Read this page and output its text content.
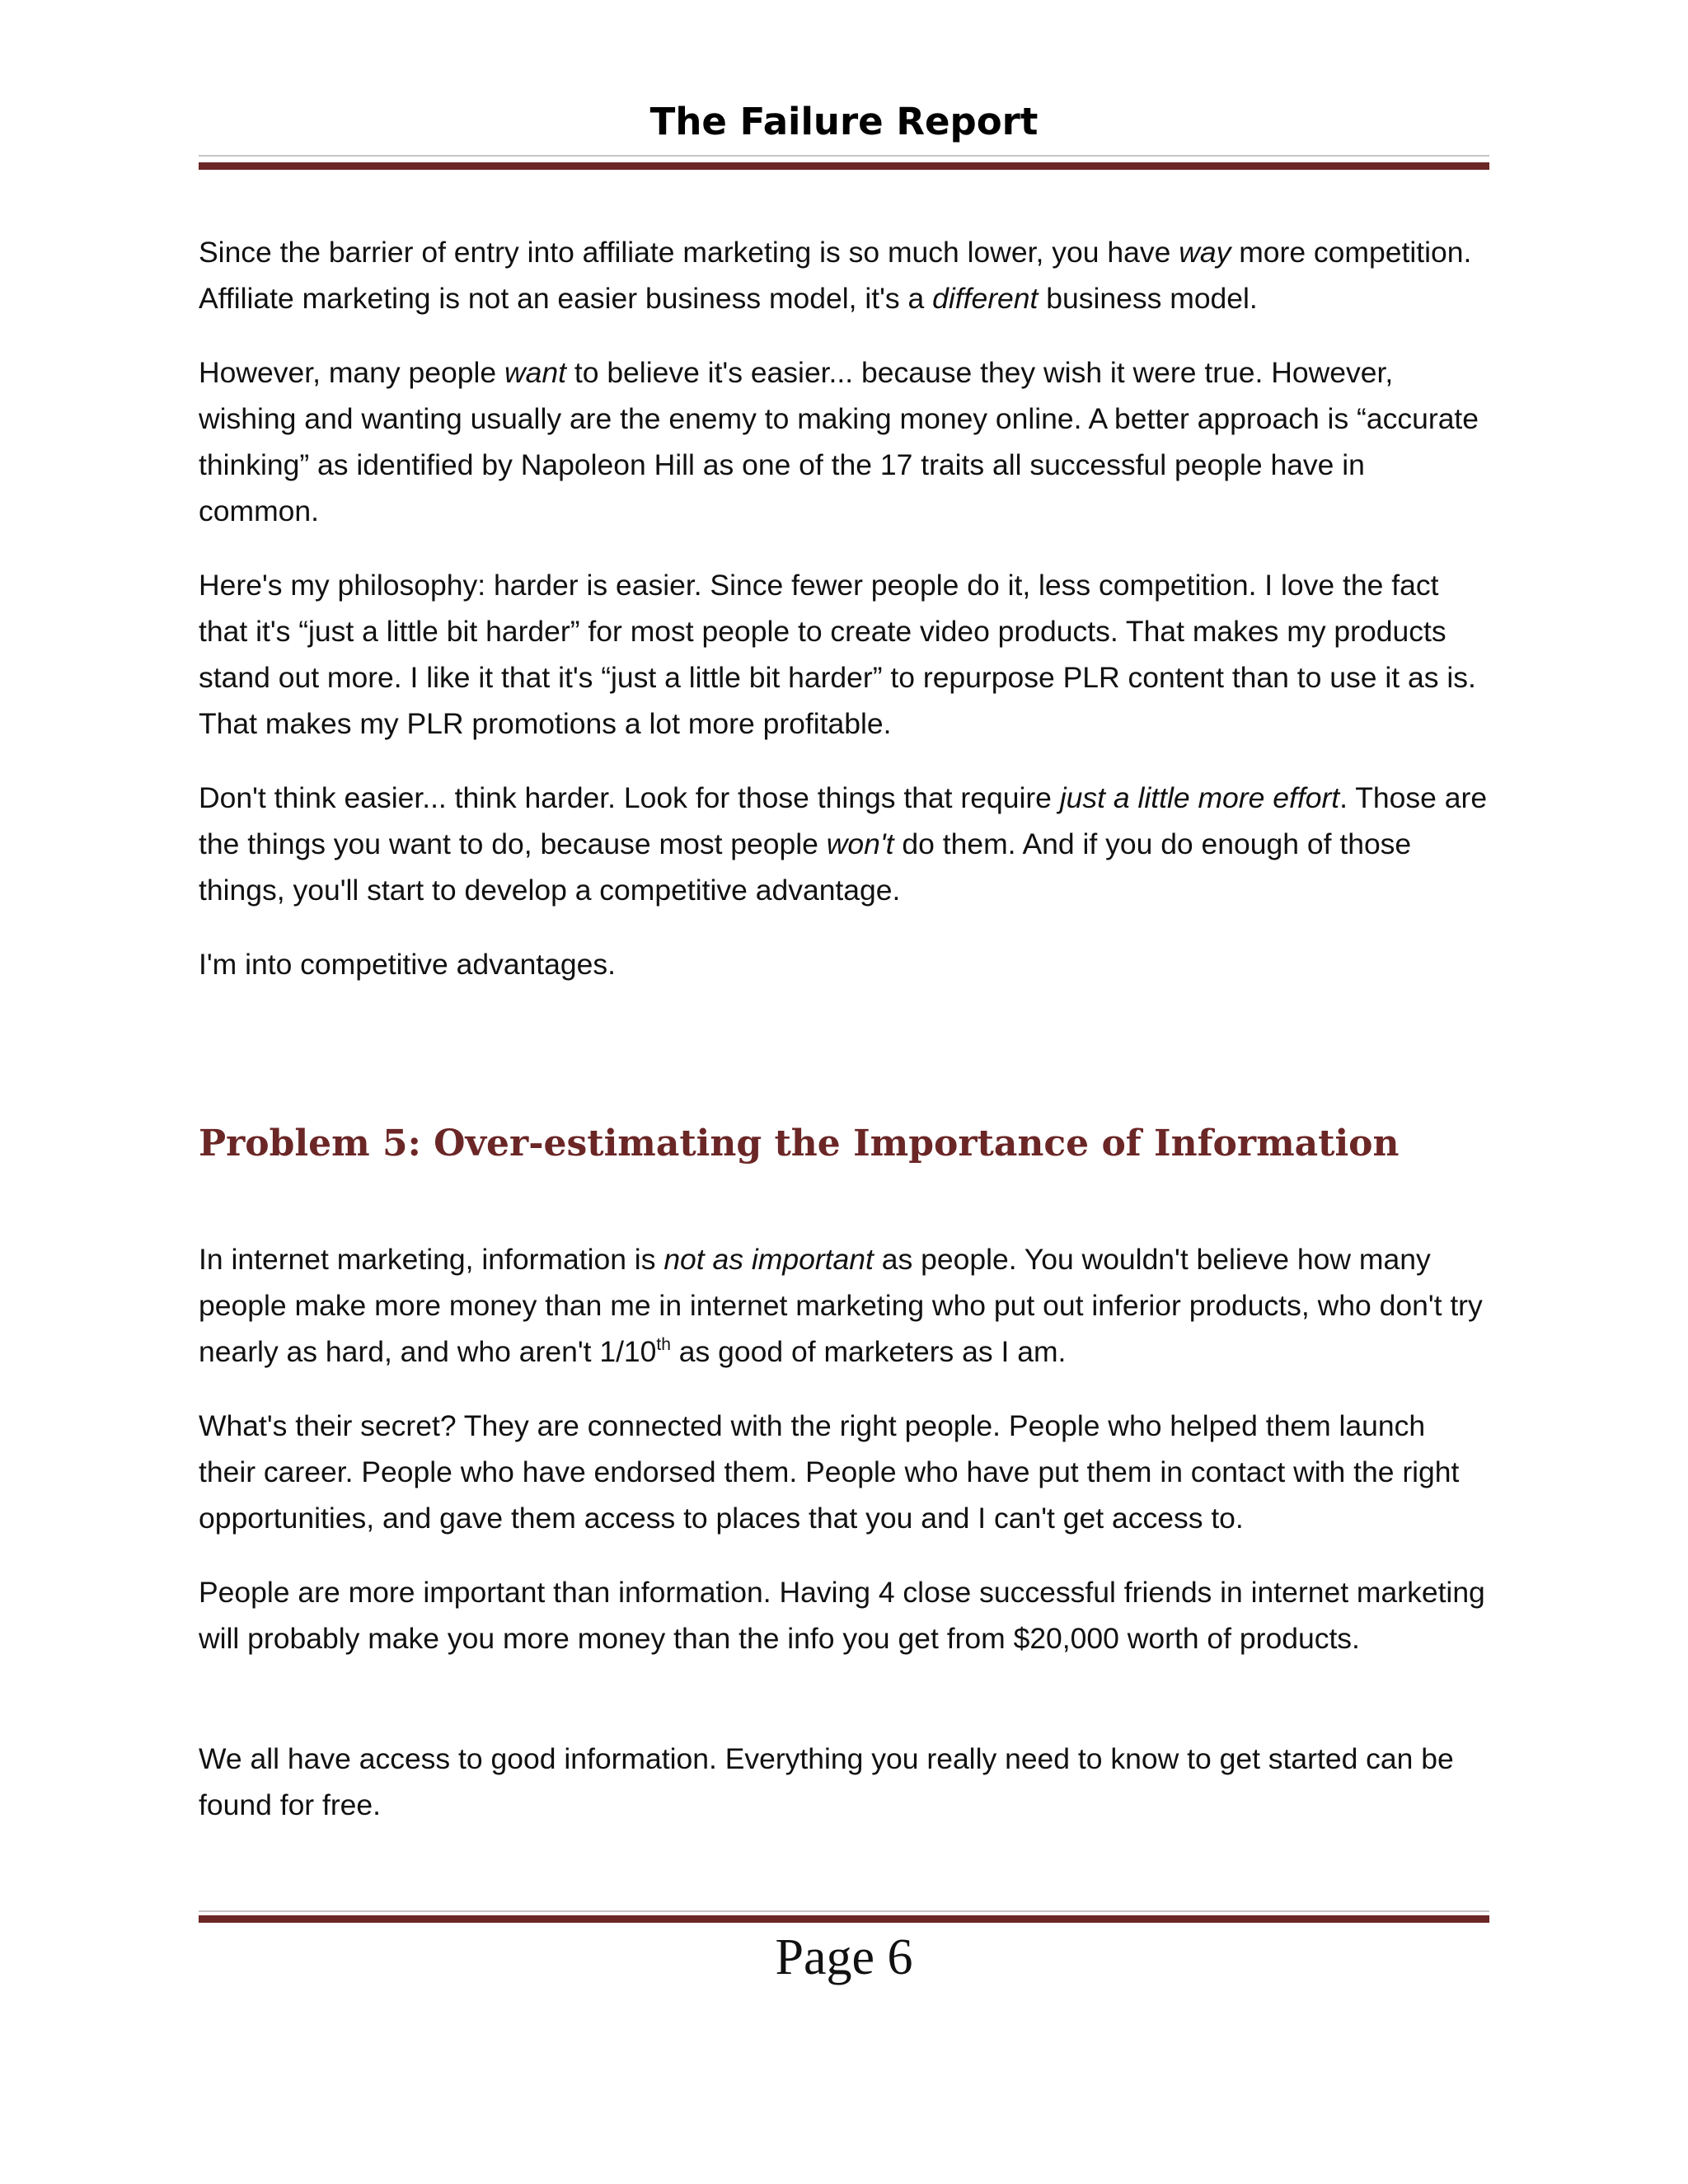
The Failure Report

Since the barrier of entry into affiliate marketing is so much lower, you have way more competition. Affiliate marketing is not an easier business model, it's a different business model.

However, many people want to believe it's easier... because they wish it were true. However, wishing and wanting usually are the enemy to making money online. A better approach is “accurate thinking” as identified by Napoleon Hill as one of the 17 traits all successful people have in common.

Here's my philosophy: harder is easier. Since fewer people do it, less competition. I love the fact that it's “just a little bit harder” for most people to create video products. That makes my products stand out more. I like it that it's “just a little bit harder” to repurpose PLR content than to use it as is. That makes my PLR promotions a lot more profitable.

Don't think easier... think harder. Look for those things that require just a little more effort. Those are the things you want to do, because most people won't do them. And if you do enough of those things, you'll start to develop a competitive advantage.

I'm into competitive advantages.

Problem 5: Over-estimating the Importance of Information

In internet marketing, information is not as important as people. You wouldn't believe how many people make more money than me in internet marketing who put out inferior products, who don't try nearly as hard, and who aren't 1/10th as good of marketers as I am.

What's their secret? They are connected with the right people. People who helped them launch their career. People who have endorsed them. People who have put them in contact with the right opportunities, and gave them access to places that you and I can't get access to.

People are more important than information. Having 4 close successful friends in internet marketing will probably make you more money than the info you get from $20,000 worth of products.

We all have access to good information. Everything you really need to know to get started can be found for free.

Page 6
